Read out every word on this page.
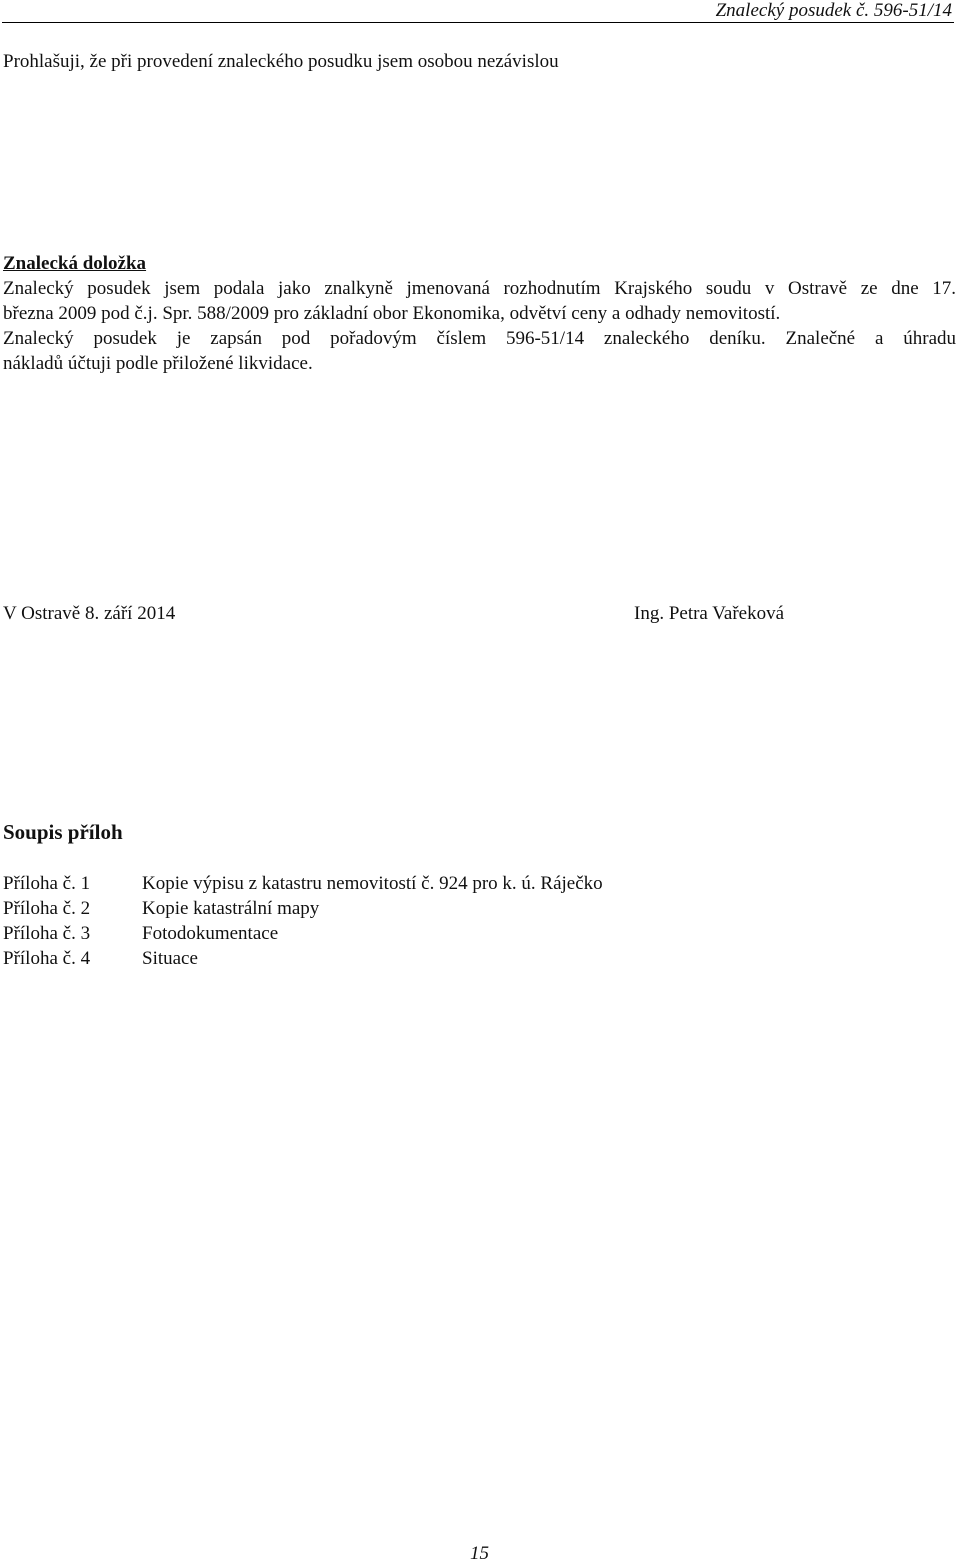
Znalecký posudek č. 596-51/14
Prohlašuji, že při provedení znaleckého posudku jsem osobou nezávislou
Znalecká doložka
Znalecký posudek jsem podala jako znalkyně jmenovaná rozhodnutím Krajského soudu v Ostravě ze dne 17.
března 2009 pod č.j. Spr. 588/2009 pro základní obor Ekonomika, odvětví ceny a odhady nemovitostí.
Znalecký posudek je zapsán pod pořadovým číslem 596-51/14 znaleckého deníku. Znalečné a úhradu
nákladů účtuji podle přiložené likvidace.
V Ostravě 8. září 2014	Ing. Petra Vařeková
Soupis příloh
Příloha č. 1	Kopie výpisu z katastru nemovitostí č. 924 pro k. ú. Ráječko
Příloha č. 2	Kopie katastrální mapy
Příloha č. 3	Fotodokumentace
Příloha č. 4	Situace
15
